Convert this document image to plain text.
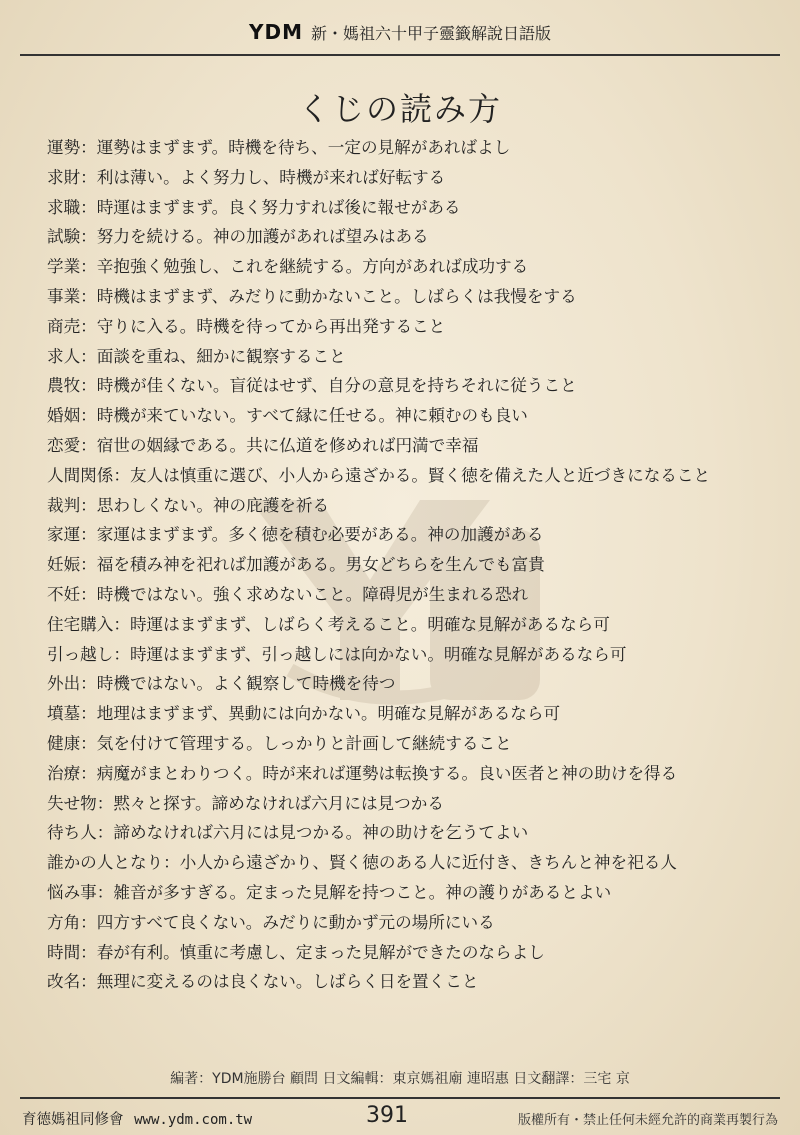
YDM 新・媽祖六十甲子靈籤解說日語版
くじの読み方
運勢：運勢はまずまず。時機を待ち、一定の見解があればよし
求財：利は薄い。よく努力し、時機が来れば好転する
求職：時運はまずまず。良く努力すれば後に報せがある
試験：努力を続ける。神の加護があれば望みはある
学業：辛抱強く勉強し、これを継続する。方向があれば成功する
事業：時機はまずまず、みだりに動かないこと。しばらくは我慢をする
商売：守りに入る。時機を待ってから再出発すること
求人：面談を重ね、細かに観察すること
農牧：時機が佳くない。盲従はせず、自分の意見を持ちそれに従うこと
婚姻：時機が来ていない。すべて縁に任せる。神に頼むのも良い
恋愛：宿世の姻縁である。共に仏道を修めれば円満で幸福
人間関係：友人は慎重に選び、小人から遠ざかる。賢く徳を備えた人と近づきになること
裁判：思わしくない。神の庇護を祈る
家運：家運はまずまず。多く徳を積む必要がある。神の加護がある
妊娠：福を積み神を祀れば加護がある。男女どちらを生んでも富貴
不妊：時機ではない。強く求めないこと。障碍児が生まれる恐れ
住宅購入：時運はまずまず、しばらく考えること。明確な見解があるなら可
引っ越し：時運はまずまず、引っ越しには向かない。明確な見解があるなら可
外出：時機ではない。よく観察して時機を待つ
墳墓：地理はまずまず、異動には向かない。明確な見解があるなら可
健康：気を付けて管理する。しっかりと計画して継続すること
治療：病魔がまとわりつく。時が来れば運勢は転換する。良い医者と神の助けを得る
失せ物：黙々と探す。諦めなければ六月には見つかる
待ち人：諦めなければ六月には見つかる。神の助けを乞うてよい
誰かの人となり：小人から遠ざかり、賢く徳のある人に近付き、きちんと神を祀る人
悩み事：雑音が多すぎる。定まった見解を持つこと。神の護りがあるとよい
方角：四方すべて良くない。みだりに動かず元の場所にいる
時間：春が有利。慎重に考慮し、定まった見解ができたのならよし
改名：無理に変えるのは良くない。しばらく日を置くこと
編著：YDM施勝台 顧問 日文編輯：東京媽祖廟 連昭惠 日文翻譯：三宅 京
育德媽祖同修會 www.ydm.com.tw	391	版權所有・禁止任何未經允許的商業再製行為
